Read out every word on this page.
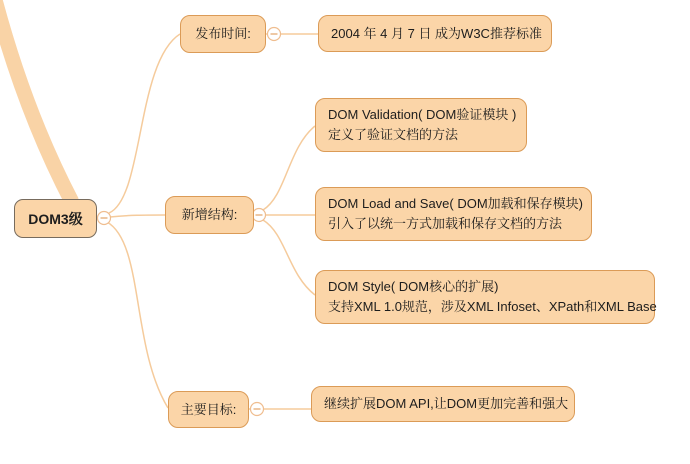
DOM3级
发布时间:
新增结构:
主要目标:
2004 年 4 月 7 日 成为W3C推荐标准
DOM Validation( DOM验证模块 )
定义了验证文档的方法
DOM Load and Save( DOM加载和保存模块)
引入了以统一方式加载和保存文档的方法
DOM Style( DOM核心的扩展)
支持XML 1.0规范，涉及XML Infoset、XPath和XML Base
继续扩展DOM API,让DOM更加完善和强大
